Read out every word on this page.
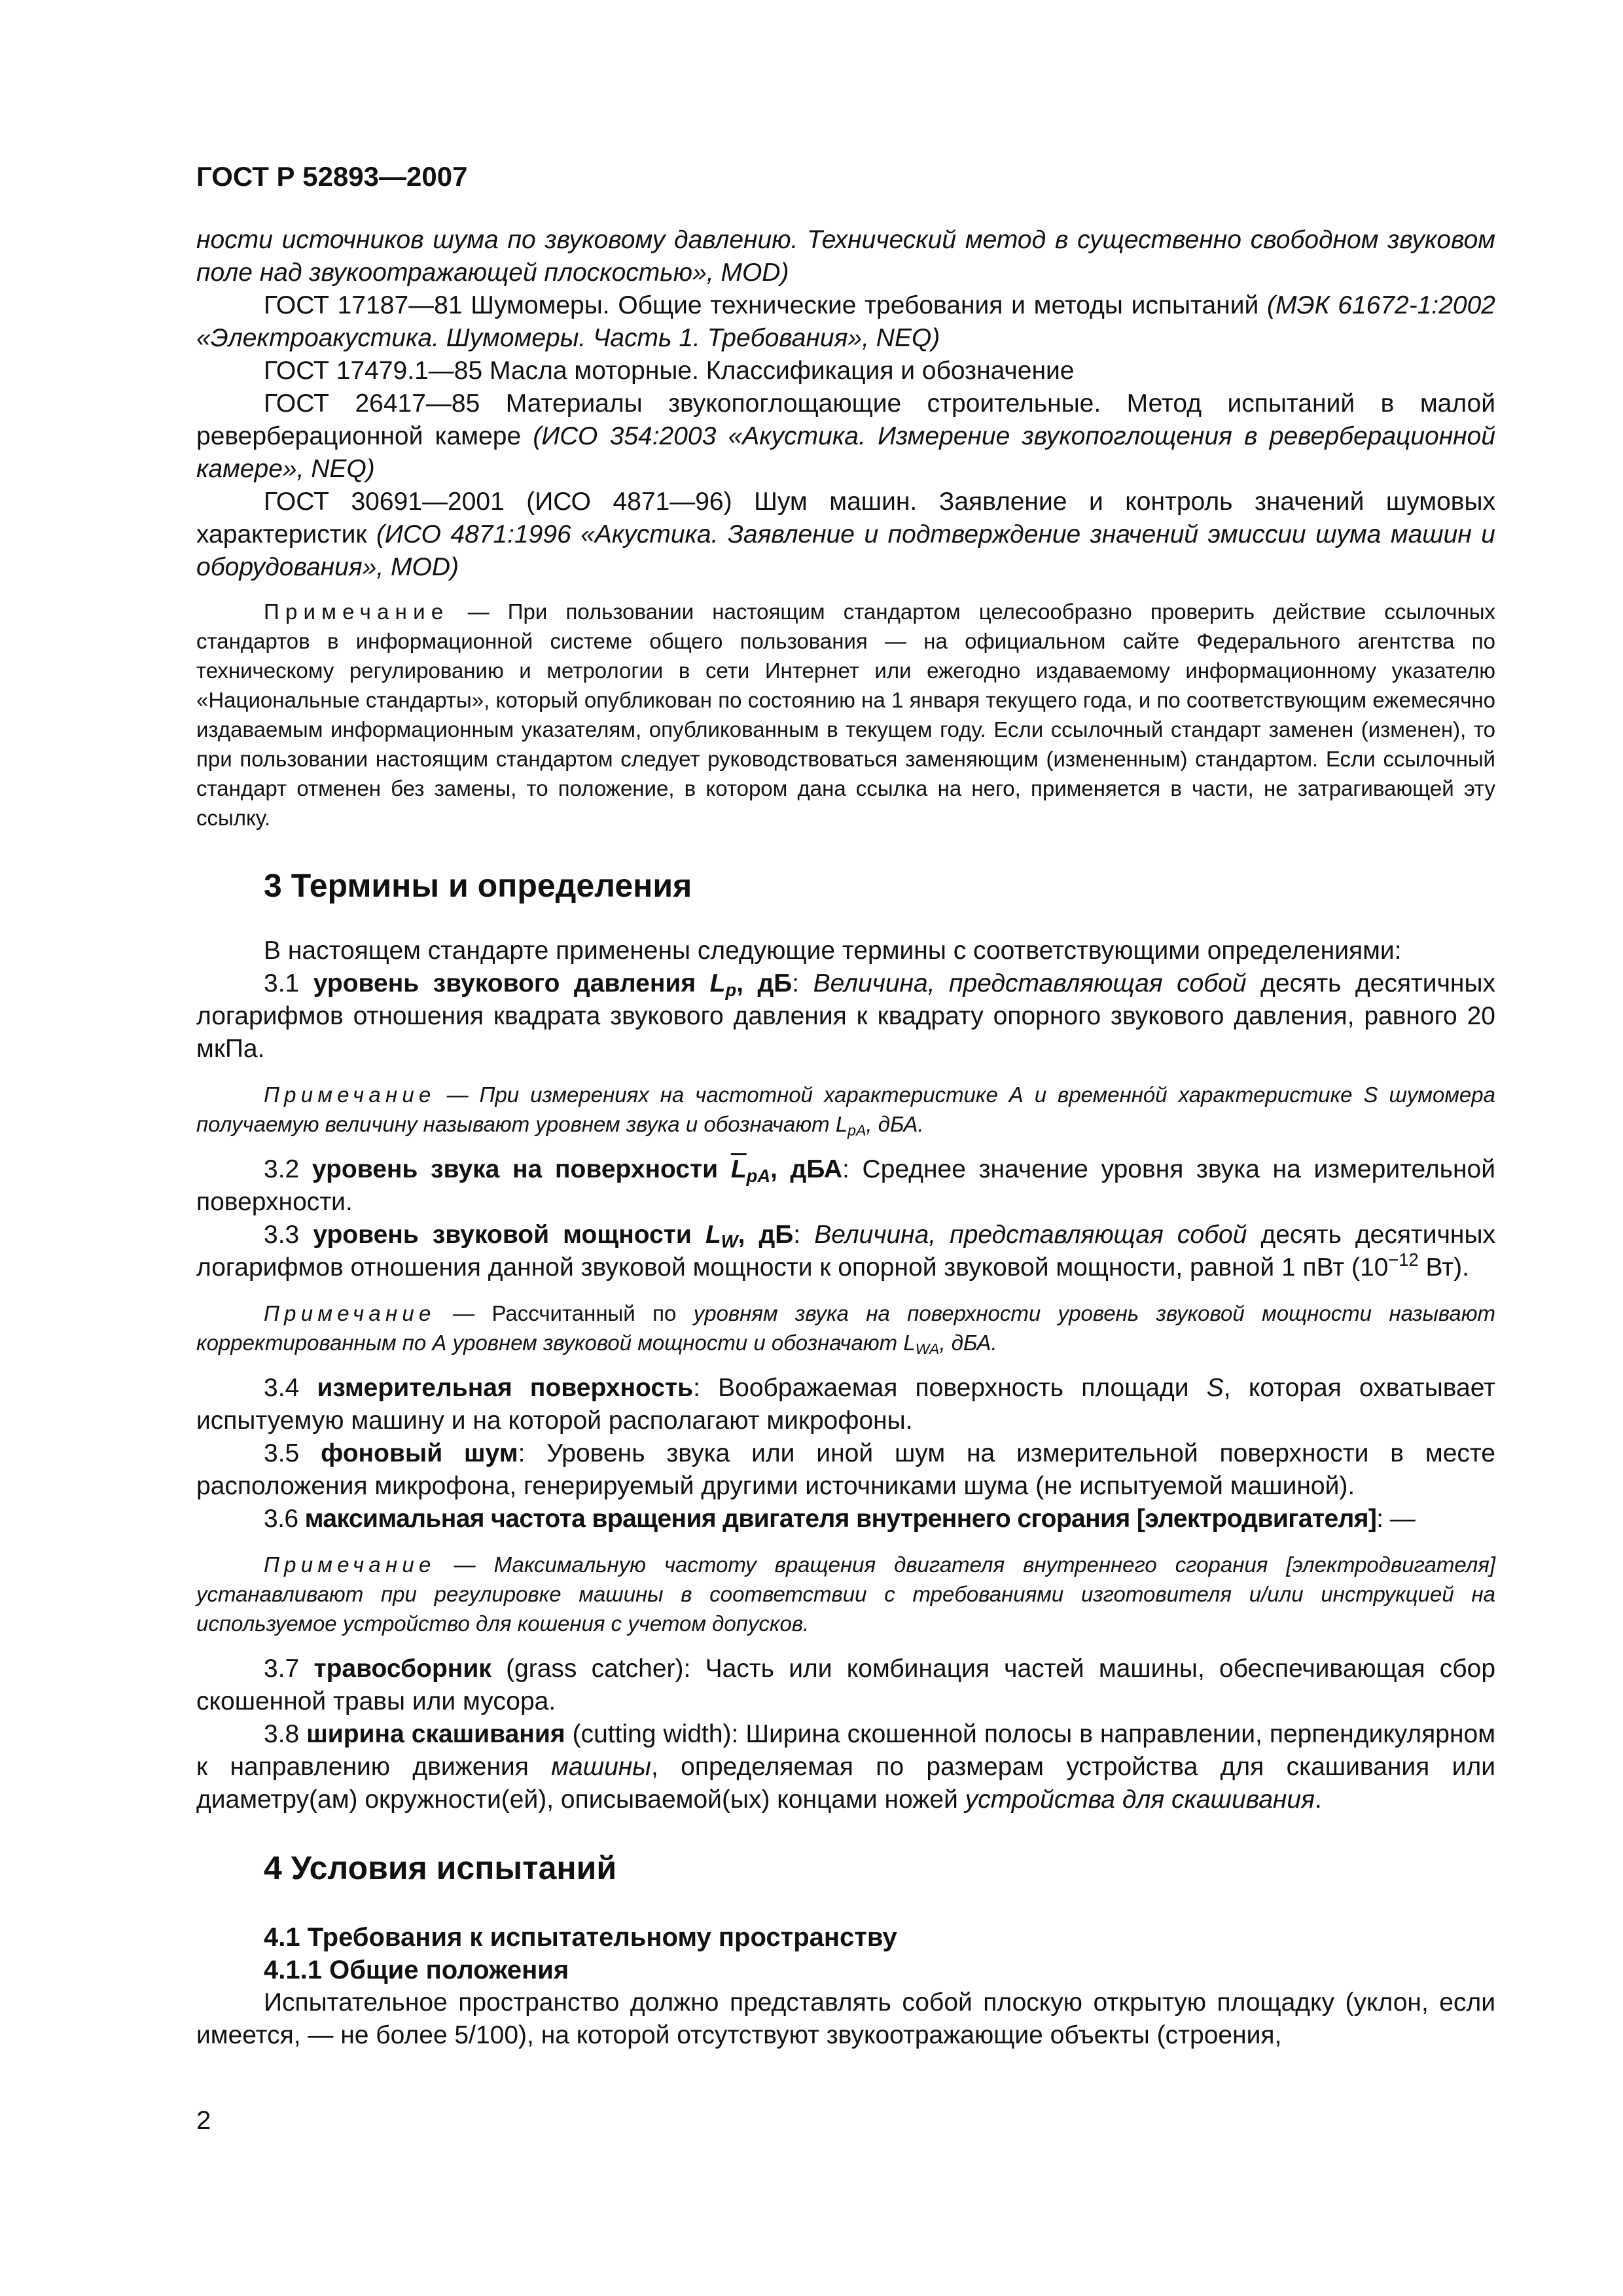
ГОСТ Р 52893—2007

ности источников шума по звуковому давлению. Технический метод в существенно свободном звуковом поле над звукоотражающей плоскостью», MOD)

ГОСТ 17187—81 Шумомеры. Общие технические требования и методы испытаний (МЭК 61672-1:2002 «Электроакустика. Шумомеры. Часть 1. Требования», NEQ)

ГОСТ 17479.1—85 Масла моторные. Классификация и обозначение

ГОСТ 26417—85 Материалы звукопоглощающие строительные. Метод испытаний в малой реверберационной камере (ИСО 354:2003 «Акустика. Измерение звукопоглощения в реверберационной камере», NEQ)

ГОСТ 30691—2001 (ИСО 4871—96) Шум машин. Заявление и контроль значений шумовых характеристик (ИСО 4871:1996 «Акустика. Заявление и подтверждение значений эмиссии шума машин и оборудования», MOD)

Примечание — При пользовании настоящим стандартом целесообразно проверить действие ссылочных стандартов в информационной системе общего пользования — на официальном сайте Федерального агентства по техническому регулированию и метрологии в сети Интернет или ежегодно издаваемому информационному указателю «Национальные стандарты», который опубликован по состоянию на 1 января текущего года, и по соответствующим ежемесячно издаваемым информационным указателям, опубликованным в текущем году. Если ссылочный стандарт заменен (изменен), то при пользовании настоящим стандартом следует руководствоваться заменяющим (измененным) стандартом. Если ссылочный стандарт отменен без замены, то положение, в котором дана ссылка на него, применяется в части, не затрагивающей эту ссылку.

3 Термины и определения

В настоящем стандарте применены следующие термины с соответствующими определениями:

3.1 уровень звукового давления $L_p$, дБ: Величина, представляющая собой десять десятичных логарифмов отношения квадрата звукового давления к квадрату опорного звукового давления, равного 20 мкПа.

Примечание — При измерениях на частотной характеристике А и временно́й характеристике S шумомера получаемую величину называют уровнем звука и обозначают $L_{pA}$, дБА.

3.2 уровень звука на поверхности $\overline{L}_{pA}$, дБА: Среднее значение уровня звука на измерительной поверхности.

3.3 уровень звуковой мощности $L_W$, дБ: Величина, представляющая собой десять десятичных логарифмов отношения данной звуковой мощности к опорной звуковой мощности, равной 1 пВт ($10^{-12}$ Вт).

Примечание — Рассчитанный по уровням звука на поверхности уровень звуковой мощности называют корректированным по А уровнем звуковой мощности и обозначают $L_{WA}$, дБА.

3.4 измерительная поверхность: Воображаемая поверхность площади S, которая охватывает испытуемую машину и на которой располагают микрофоны.

3.5 фоновый шум: Уровень звука или иной шум на измерительной поверхности в месте расположения микрофона, генерируемый другими источниками шума (не испытуемой машиной).

3.6 максимальная частота вращения двигателя внутреннего сгорания [электродвигателя]: —

Примечание — Максимальную частоту вращения двигателя внутреннего сгорания [электродвигателя] устанавливают при регулировке машины в соответствии с требованиями изготовителя и/или инструкцией на используемое устройство для кошения с учетом допусков.

3.7 травосборник (grass catcher): Часть или комбинация частей машины, обеспечивающая сбор скошенной травы или мусора.

3.8 ширина скашивания (cutting width): Ширина скошенной полосы в направлении, перпендикулярном к направлению движения машины, определяемая по размерам устройства для скашивания или диаметру(ам) окружности(ей), описываемой(ых) концами ножей устройства для скашивания.

4 Условия испытаний
4.1 Требования к испытательному пространству
4.1.1 Общие положения

Испытательное пространство должно представлять собой плоскую открытую площадку (уклон, если имеется, — не более 5/100), на которой отсутствуют звукоотражающие объекты (строения,

2
